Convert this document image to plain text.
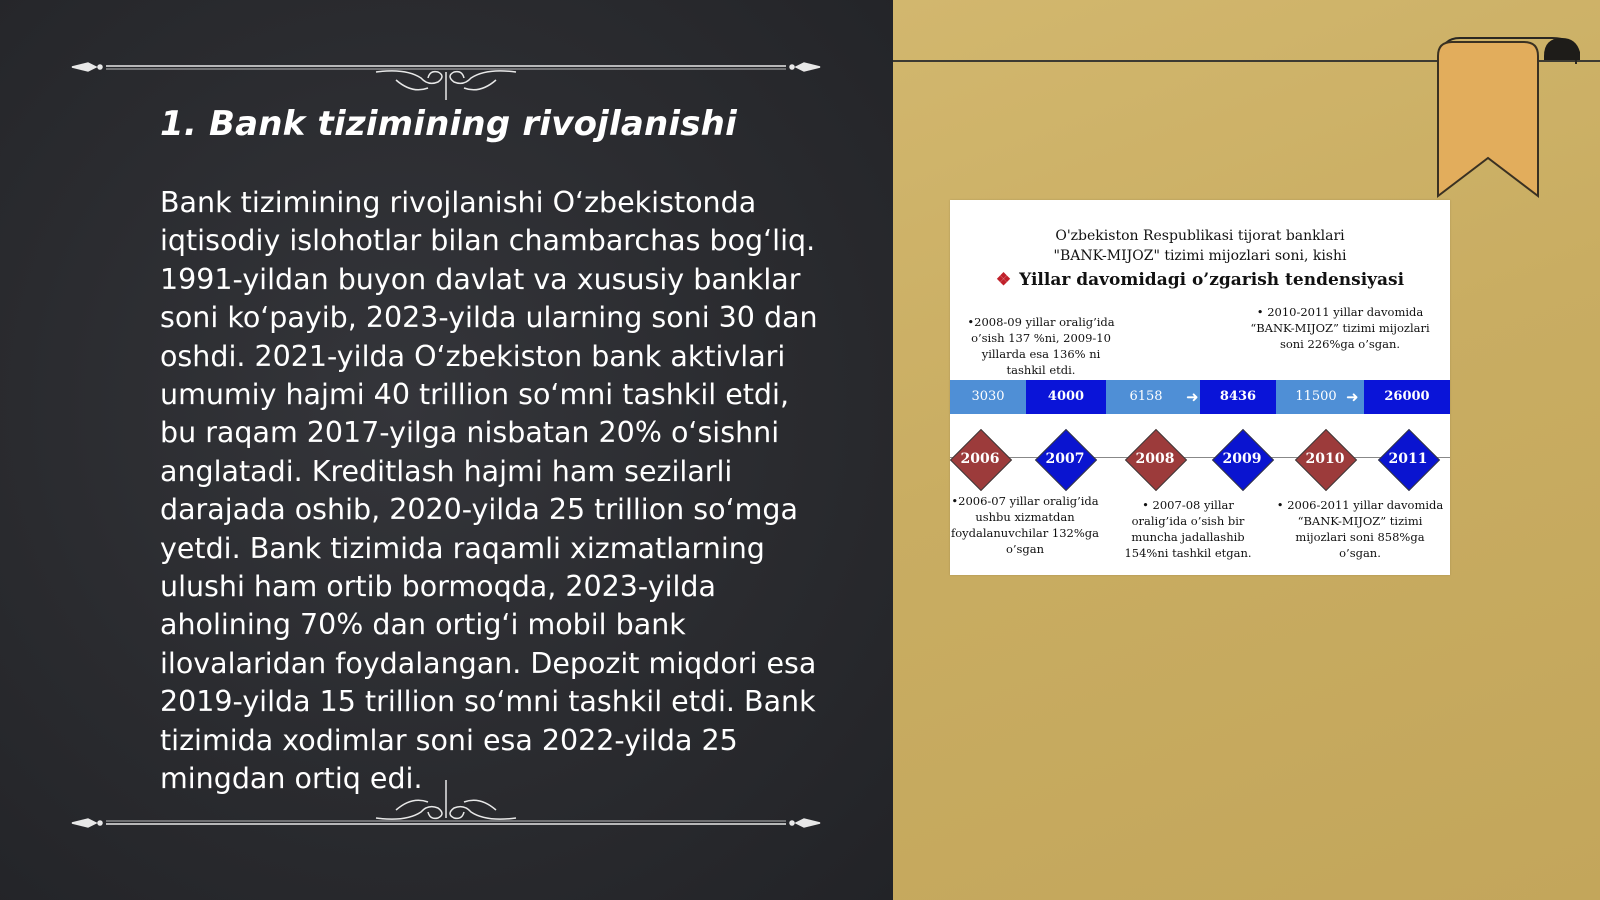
1. Bank tizimining rivojlanishi

Bank tizimining rivojlanishi O‘zbekistonda iqtisodiy islohotlar bilan chambarchas bog‘liq. 1991-yildan buyon davlat va xususiy banklar soni ko‘payib, 2023-yilda ularning soni 30 dan oshdi. 2021-yilda O‘zbekiston bank aktivlari umumiy hajmi 40 trillion so‘mni tashkil etdi, bu raqam 2017-yilga nisbatan 20% o‘sishni anglatadi. Kreditlash hajmi ham sezilarli darajada oshib, 2020-yilda 25 trillion so‘mga yetdi. Bank tizimida raqamli xizmatlarning ulushi ham ortib bormoqda, 2023-yilda aholining 70% dan ortig‘i mobil bank ilovalaridan foydalangan. Depozit miqdori esa 2019-yilda 15 trillion so‘mni tashkil etdi. Bank tizimida xodimlar soni esa 2022-yilda 25 mingdan ortiq edi.

O'zbekiston Respublikasi tijorat banklari
"BANK-MIJOZ" tizimi mijozlari soni, kishi
❖ Yillar davomidagi o’zgarish tendensiyasi
•2008-09 yillar oralig’ida o’sish 137 %ni, 2009-10 yillarda esa 136% ni tashkil etdi.
• 2010-2011 yillar davomida “BANK-MIJOZ” tizimi mijozlari soni 226%ga o’sgan.
3030	4000	6158	➜	8436	11500 ➜	26000
2006	2007	2008	2009	2010	2011
•2006-07 yillar oralig’ida ushbu xizmatdan foydalanuvchilar 132%ga o’sgan
• 2007-08 yillar oralig’ida o’sish bir muncha jadallashib 154%ni tashkil etgan.
• 2006-2011 yillar davomida “BANK-MIJOZ” tizimi mijozlari soni 858%ga o’sgan.
